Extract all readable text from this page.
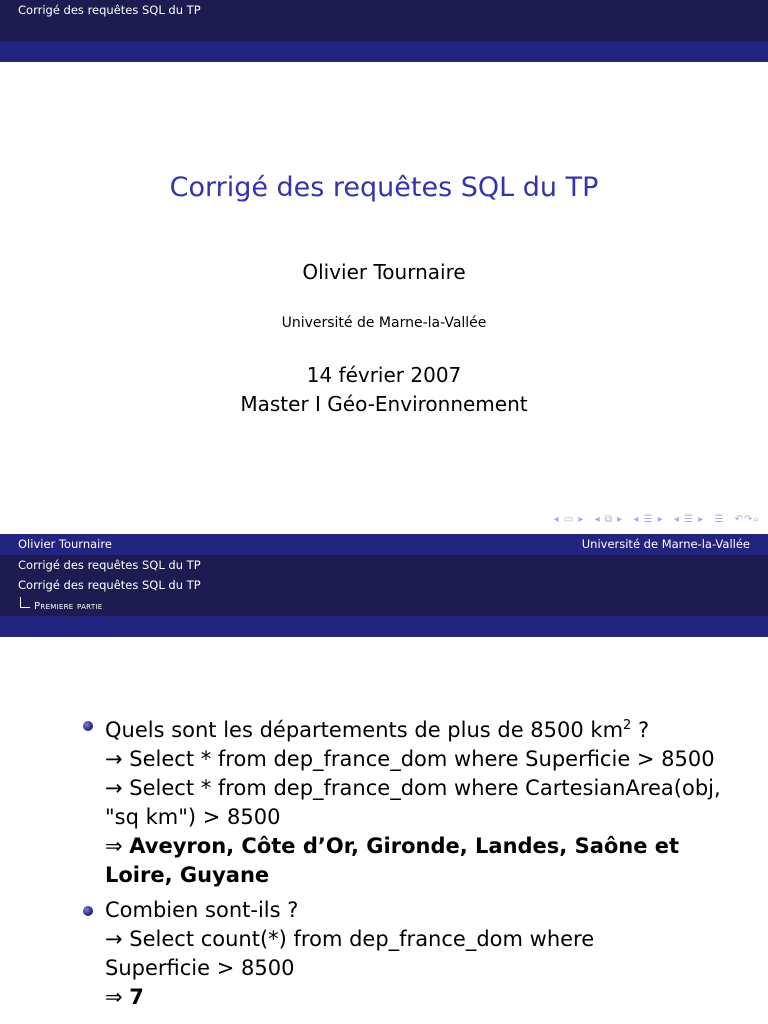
Corrigé des requêtes SQL du TP
Corrigé des requêtes SQL du TP
Olivier Tournaire
Université de Marne-la-Vallée
14 février 2007
Master I Géo-Environnement
◂ ▭ ▸ ◂ ⧉ ▸ ◂ ☰ ▸ ◂ ☰ ▸ ☰ ↶↷⌕
Olivier Tournaire	Université de Marne-la-Vallée
Corrigé des requêtes SQL du TP
Corrigé des requêtes SQL du TP
Premiere partie
Quels sont les départements de plus de 8500 $km^2$ ?
→ Select * from dep_france_dom where Superficie > 8500
→ Select * from dep_france_dom where CartesianArea(obj,
"sq km") > 8500
⇒ Aveyron, Côte d’Or, Gironde, Landes, Saône et Loire, Guyane
Combien sont-ils ?
→ Select count(*) from dep_france_dom where
Superficie > 8500
⇒ 7
